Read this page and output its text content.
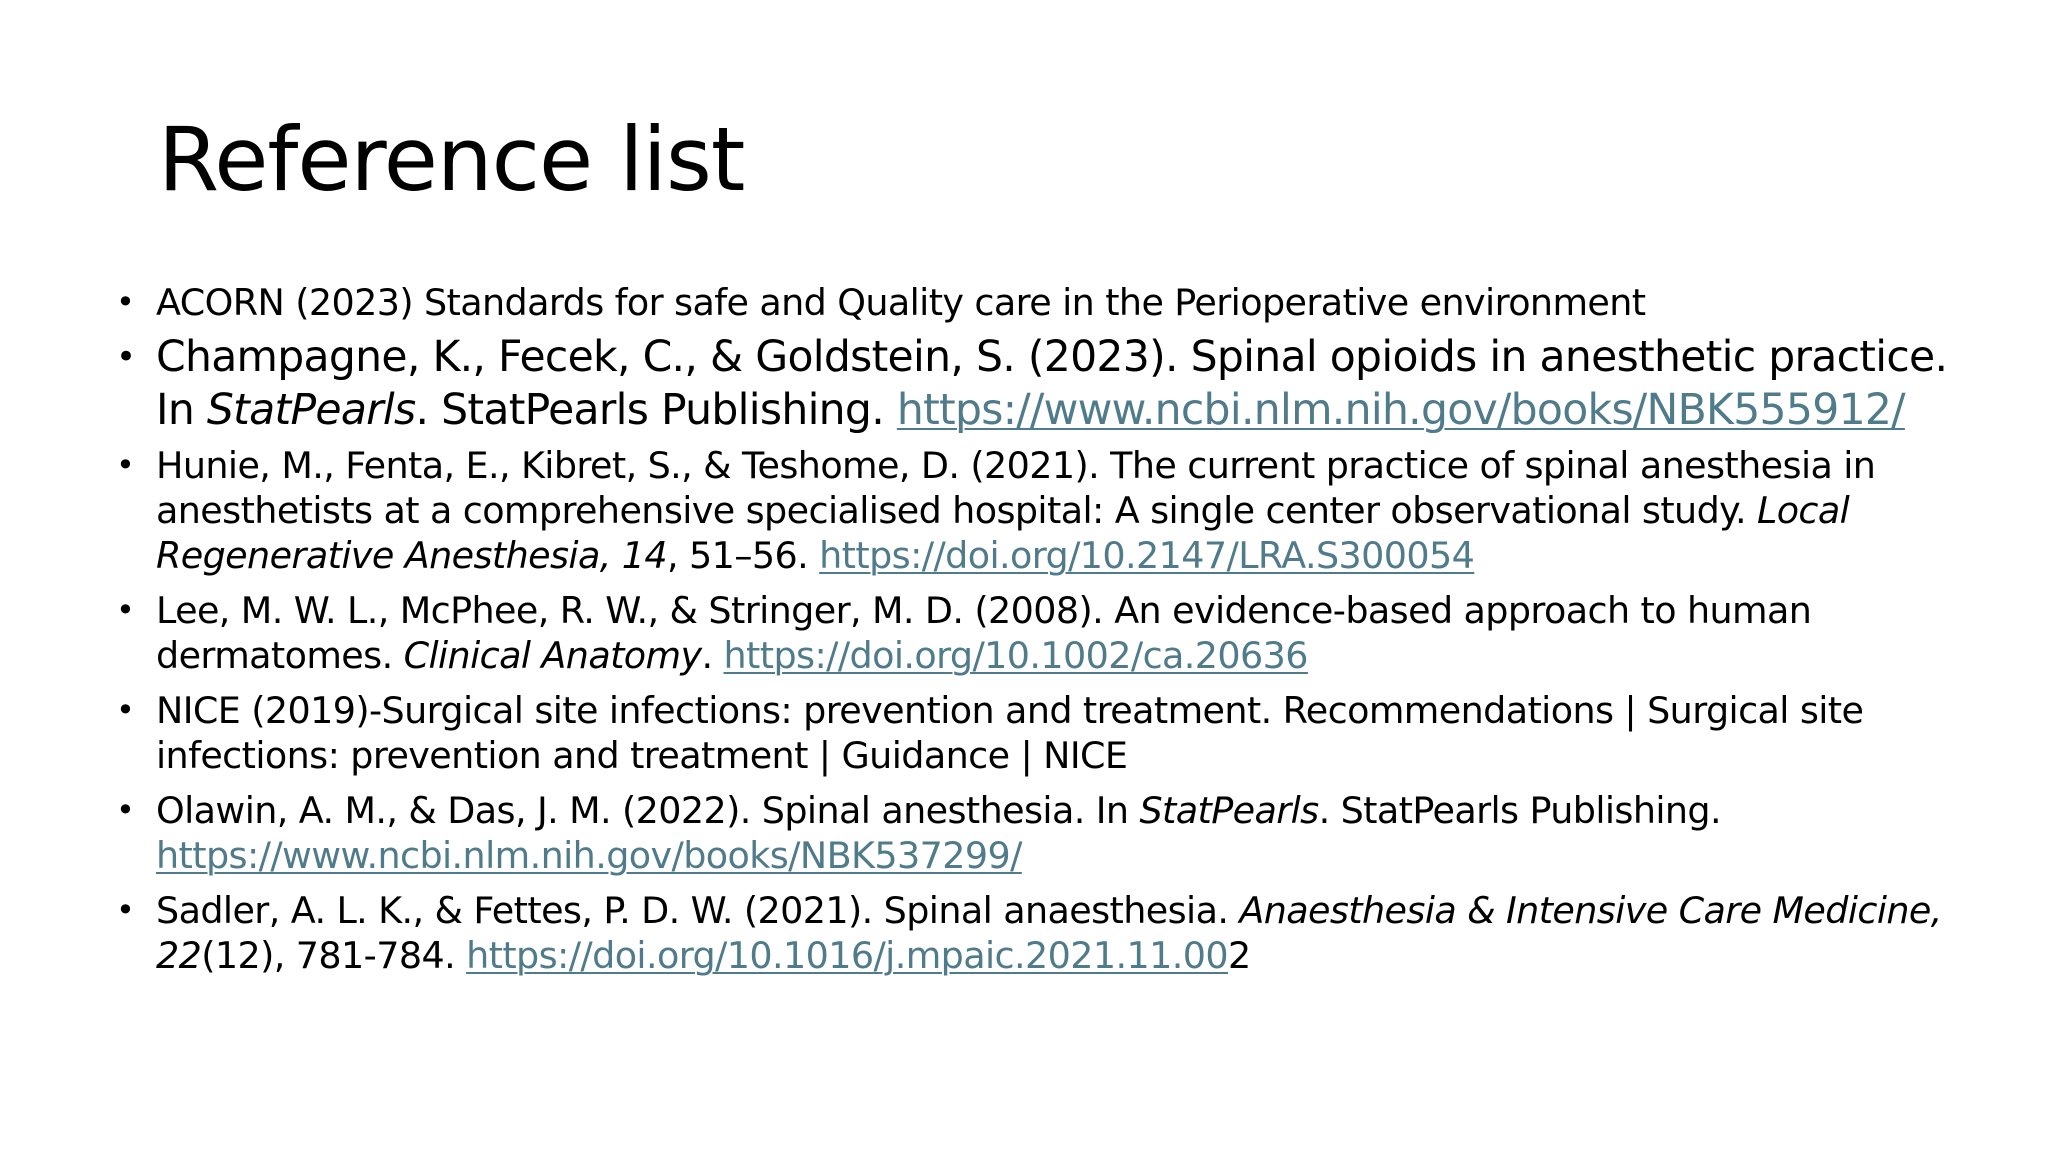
Reference list
• ACORN (2023) Standards for safe and Quality care in the Perioperative environment
• Champagne, K., Fecek, C., & Goldstein, S. (2023). Spinal opioids in anesthetic practice. In StatPearls. StatPearls Publishing. https://www.ncbi.nlm.nih.gov/books/NBK555912/
• Hunie, M., Fenta, E., Kibret, S., & Teshome, D. (2021). The current practice of spinal anesthesia in anesthetists at a comprehensive specialised hospital: A single center observational study. Local Regenerative Anesthesia, 14, 51–56. https://doi.org/10.2147/LRA.S300054
• Lee, M. W. L., McPhee, R. W., & Stringer, M. D. (2008). An evidence-based approach to human dermatomes. Clinical Anatomy. https://doi.org/10.1002/ca.20636
• NICE (2019)-Surgical site infections: prevention and treatment. Recommendations | Surgical site infections: prevention and treatment | Guidance | NICE
• Olawin, A. M., & Das, J. M. (2022). Spinal anesthesia. In StatPearls. StatPearls Publishing. https://www.ncbi.nlm.nih.gov/books/NBK537299/
• Sadler, A. L. K., & Fettes, P. D. W. (2021). Spinal anaesthesia. Anaesthesia & Intensive Care Medicine, 22(12), 781-784. https://doi.org/10.1016/j.mpaic.2021.11.002
